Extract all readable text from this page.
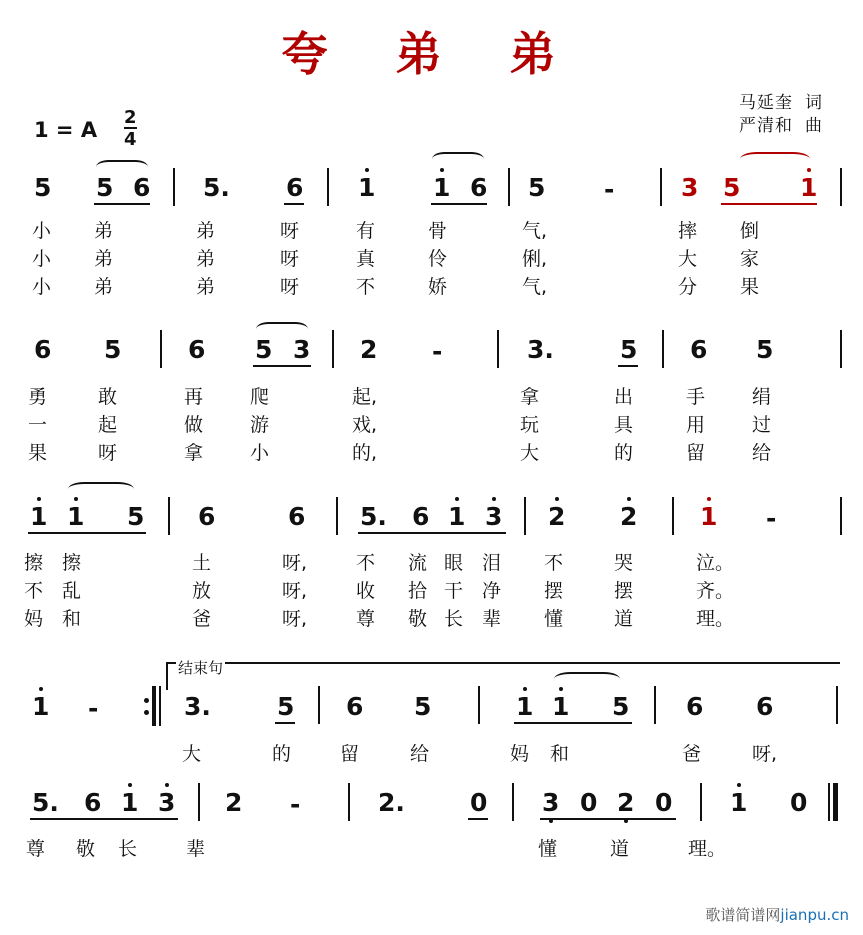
夸 弟 弟
马延奎 词
严清和 曲
1 = A $\frac{2}{4}$
5 5 6 5. 6 1 1 6 5 -	3 5 1
小 弟	弟	呀	有	骨	气,	摔 倒
小 弟	弟	呀	真	伶	俐,	大 家
小 弟	弟	呀	不	娇	气,	分 果
6 5	6 5 3 2 -	3.	5 6 5
勇	敢	再 爬	起,	拿	出	手 绢
一	起	做 游	戏,	玩	具	用 过
果	呀	拿 小	的,	大	的	留 给
1 1 5 6	6 5. 6 1 3 2 2	1 -
擦 擦	土	呀,	不 流 眼 泪 不	哭	泣。
不 乱	放	呀,	收 拾 干 净 摆	摆	齐。
妈 和	爸	呀,	尊 敬 长 辈 懂	道	理。
1 -
结束句
3.	5 6 5	1 1 5 6 6
大	的	留	给	妈 和	爸	呀,
5. 6 1 3 2 -	2.	0 3 0 2 0 1 0
尊 敬 长	辈	懂	道	理。
歌谱简谱网jianpu.cn
